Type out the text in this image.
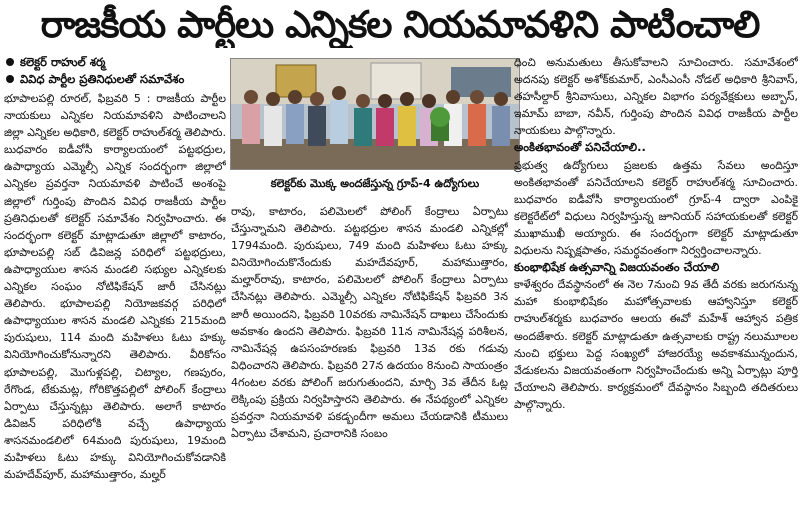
రాజకీయ పార్టీలు ఎన్నికల నియమావళిని పాటించాలి
కలెక్టర్ రాహుల్ శర్మ
వివిధ పార్టీల ప్రతినిధులతో సమావేశం

భూపాలపల్లి రూరల్, ఫిబ్రవరి 5 : రాజకీయ పార్టీల నాయకులు ఎన్నికల నియమావళిని పాటించాలని జిల్లా ఎన్నికల అధికారి, కలెక్టర్ రాహుల్‌శర్మ తెలిపారు. బుధవారం ఐడీవోసీ కార్యాలయంలో పట్టభద్రుల, ఉపాధ్యాయ ఎమ్మెల్సీ ఎన్నిక సందర్భంగా జిల్లాలో ఎన్నికల ప్రవర్తనా నియమావళి పాటించే అంశంపై జిల్లాలో గుర్తింపు పొందిన వివిధ రాజకీయ పార్టీల ప్రతినిధులతో కలెక్టర్ సమావేశం నిర్వహించారు. ఈ సందర్భంగా కలెక్టర్ మాట్లాడుతూ జిల్లాలో కాటారం, భూపాలపల్లి సబ్‌ డివిజన్ల పరిధిలో పట్టభద్రులు, ఉపాధ్యాయుల శాసన మండలి సభ్యుల ఎన్నికలకు ఎన్నికల సంఘం నోటిఫికేషన్ జారీ చేసినట్లు తెలిపారు. భూపాలపల్లి నియోజకవర్గ పరిధిలో ఉపాధ్యాయుల శాసన మండలి ఎన్నికకు 215మంది పురుషులు, 114 మంది మహిళలు ఓటు హక్కు వినియోగించుకోనున్నారని తెలిపారు. వీరికోసం భూపాలపల్లి, మొగుళ్లపల్లి, చిట్యాల, గణపురం, రేగొండ, టేకుమట్ల, గోరికొత్తపల్లిలో పోలింగ్ కేంద్రాలు ఏర్పాటు చేస్తున్నట్లు తెలిపారు. అలాగే కాటారం డివిజన్ పరిధిలోకి వచ్చే ఉపాధ్యాయ శాసనమండలిలో 64మంది పురుషులు, 19మంది మహిళలు ఓటు హక్కు వినియోగించుకోవడానికి మహదేవ్‌పూర్, మహాముత్తారం, మల్హర్

కలెక్టర్‌కు మొక్క అందజేస్తున్న గ్రూప్‌-4 ఉద్యోగులు

రావు, కాటారం, పలిమెలలో పోలింగ్ కేంద్రాలు ఏర్పాటు చేస్తున్నామని తెలిపారు. పట్టభద్రుల శాసన మండలి ఎన్నికల్లో 1794మంది. పురుషులు, 749 మంది మహిళలు ఓటు హక్కు వినియోగించుకొనేందుకు మహదేవపూర్, మహాముత్తారం, మల్హార్‌రావు, కాటారం, పలిమెలలో పోలింగ్ కేంద్రాలు ఏర్పాటు చేసినట్లు తెలిపారు. ఎమ్మెల్సీ ఎన్నికల నోటిఫికేషన్ ఫిబ్రవరి 3న జారీ అయిందని, ఫిబ్రవరి 10వరకు నామినేషన్ దాఖలు చేసేందుకు అవకాశం ఉందని తెలిపారు. ఫిబ్రవరి 11న నామినేషన్ల పరిశీలన, నామినేషన్ల ఉపసంహరణకు ఫిబ్రవరి 13వ రకు గడువు విధించారని తెలిపారు. ఫిబ్రవరి 27న ఉదయం 8నుంచి సాయంత్రం 4గంటల వరకు పోలింగ్ జరుగుతుందని, మార్చి 3వ తేదీన ఓట్ల లెక్కింపు ప్రక్రియ నిర్వహిస్తారని తెలిపారు. ఈ నేపథ్యంలో ఎన్నికల ప్రవర్తనా నియమావళి పకడ్బందీగా అమలు చేయడానికి టీములు ఏర్పాటు చేశామని, ప్రచారానికి సంబం

ధించి అనుమతులు తీసుకోవాలని సూచించారు. సమావేశంలో అదనపు కలెక్టర్ అశోక్‌కుమార్, ఎంసీఎంసీ నోడల్ అధికారి శ్రీనివాస్, తహసీల్దార్ శ్రీనివాసులు, ఎన్నికల విభాగం పర్యవేక్షకులు అబ్బాస్, ఇమామ్ బాబా, నవీన్, గుర్తింపు పొందిన వివిధ రాజకీయ పార్టీల నాయకులు పాల్గొన్నారు.

అంకితభావంతో పనిచేయాలి..

ప్రభుత్వ ఉద్యోగులు ప్రజలకు ఉత్తమ సేవలు అందిస్తూ అంకితభావంతో పనిచేయాలని కలెక్టర్ రాహుల్‌శర్మ సూచించారు. బుధవారం ఐడీవోసీ కార్యాలయంలో గ్రూప్‌-4 ద్వారా ఎంపికై కలెక్టరేట్‌లో విధులు నిర్వహిస్తున్న జూనియర్ సహాయకులతో కలెక్టర్ ముఖాముఖీ అయ్యారు. ఈ సందర్భంగా కలెక్టర్ మాట్లాడుతూ విధులను నిష్పక్షపాతం, సమర్థవంతంగా నిర్వర్తించాలన్నారు.

కుంభాభిషేక ఉత్సవాన్ని విజయవంతం చేయాలి

కాళేశ్వరం దేవస్థానంలో ఈ నెల 7నుంచి 9వ తేదీ వరకు జరుగనున్న మహా కుంభాభిషేకం మహోత్సవాలకు ఆహ్వానిస్తూ కలెక్టర్ రాహుల్‌శర్మకు బుధవారం ఆలయ ఈవో మహేశ్ ఆహ్వాన పత్రిక అందజేశారు. కలెక్టర్ మాట్లాడుతూ ఉత్సవాలకు రాష్ట్ర నలుమూలల నుంచి భక్తులు పెద్ద సంఖ్యలో హాజరయ్యే అవకాశమున్నందున, వేడుకలను విజయవంతంగా నిర్వహించేందుకు అన్ని ఏర్పాట్లు పూర్తి చేయాలని తెలిపారు. కార్యక్రమంలో దేవస్థానం సిబ్బంది తదితరులు పాల్గొన్నారు.
